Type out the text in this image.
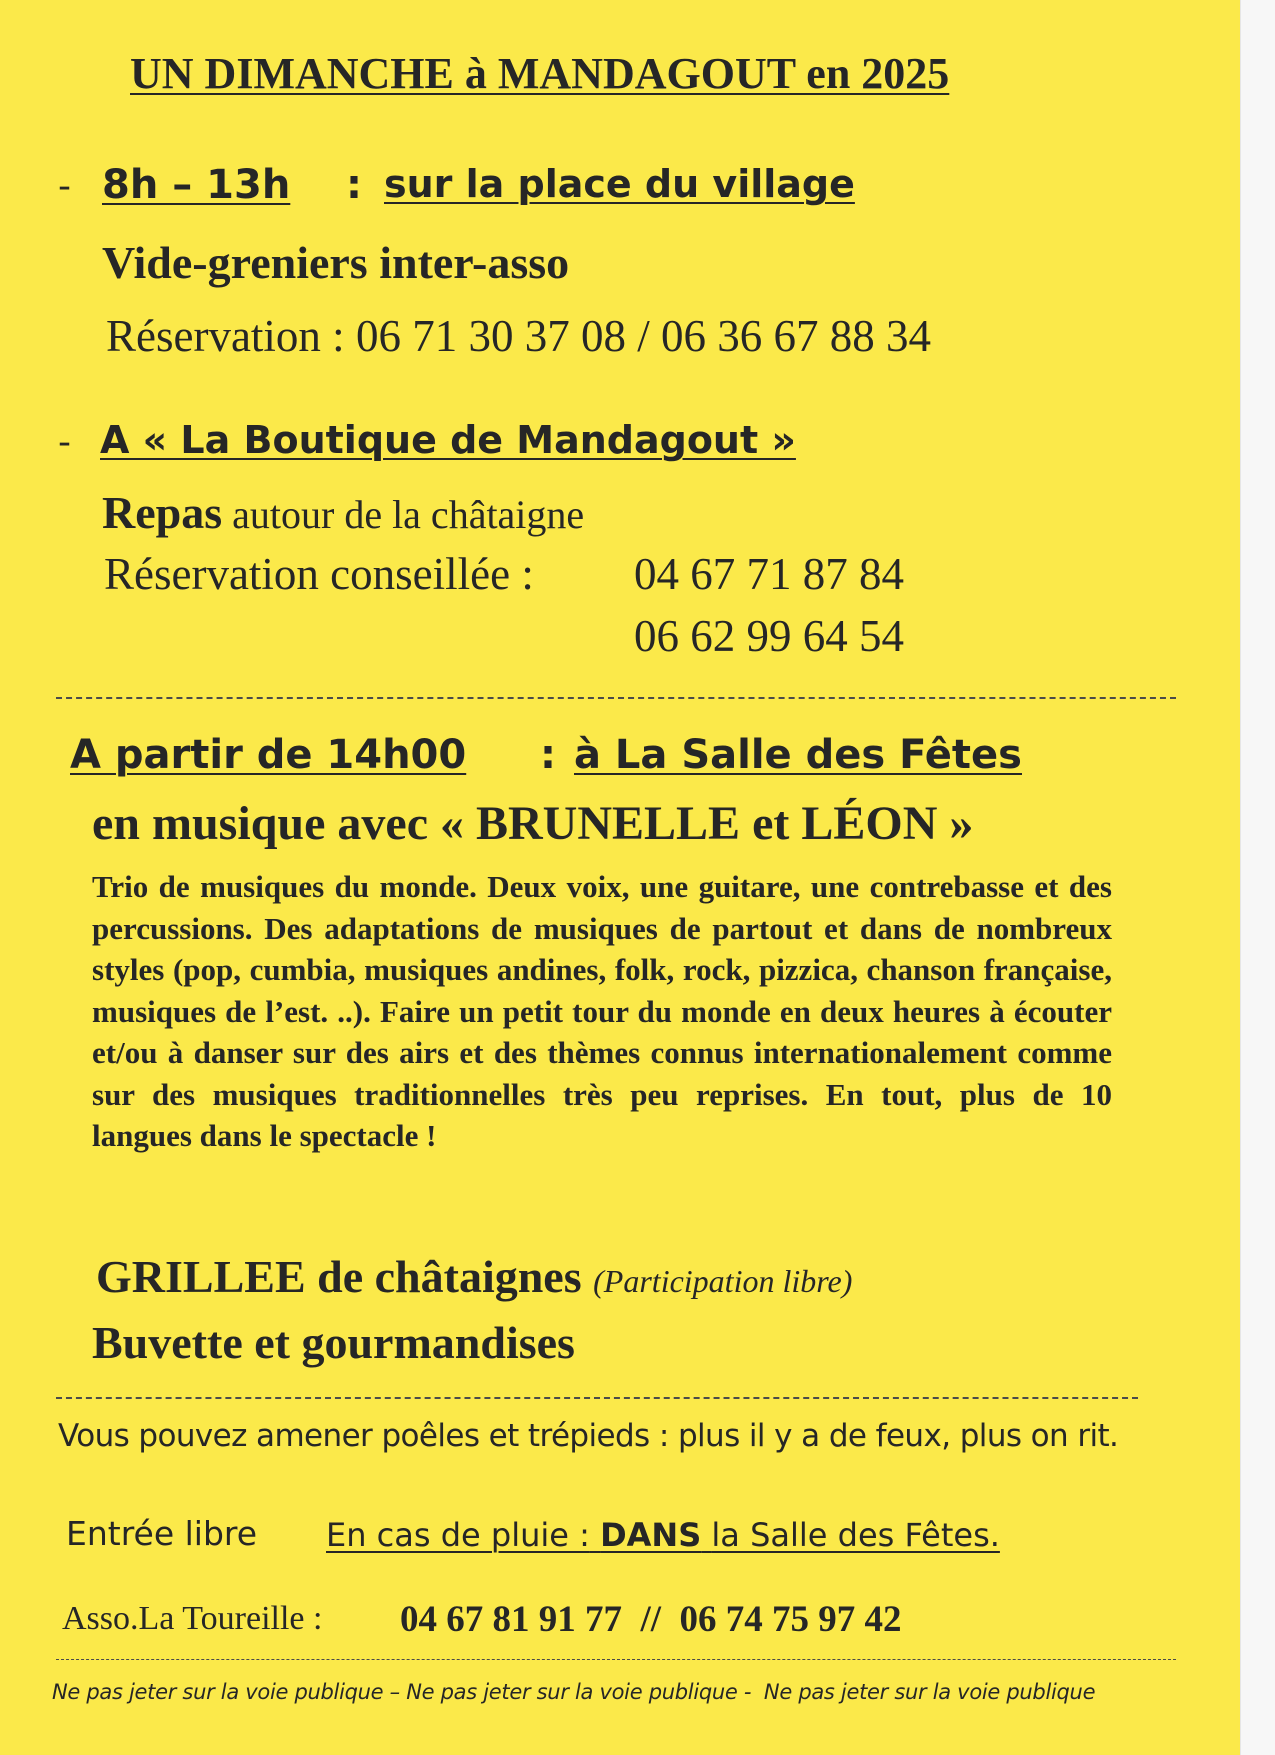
UN DIMANCHE à MANDAGOUT en 2025
- 8h – 13h : sur la place du village
Vide-greniers inter-asso
Réservation : 06 71 30 37 08 / 06 36 67 88 34
- A « La Boutique de Mandagout »
Repas autour de la châtaigne
Réservation conseillée : 04 67 71 87 84
06 62 99 64 54
A partir de 14h00 : à La Salle des Fêtes
en musique avec « BRUNELLE et LÉON »
Trio de musiques du monde. Deux voix, une guitare, une contrebasse et des percussions. Des adaptations de musiques de partout et dans de nombreux styles (pop, cumbia, musiques andines, folk, rock, pizzica, chanson française, musiques de l’est. ..). Faire un petit tour du monde en deux heures à écouter et/ou à danser sur des airs et des thèmes connus internationalement comme sur des musiques traditionnelles très peu reprises. En tout, plus de 10 langues dans le spectacle !
GRILLEE de châtaignes (Participation libre)
Buvette et gourmandises
Vous pouvez amener poêles et trépieds : plus il y a de feux, plus on rit.
Entrée libre En cas de pluie : DANS la Salle des Fêtes.
Asso.La Toureille : 04 67 81 91 77  //  06 74 75 97 42
Ne pas jeter sur la voie publique – Ne pas jeter sur la voie publique -  Ne pas jeter sur la voie publique
